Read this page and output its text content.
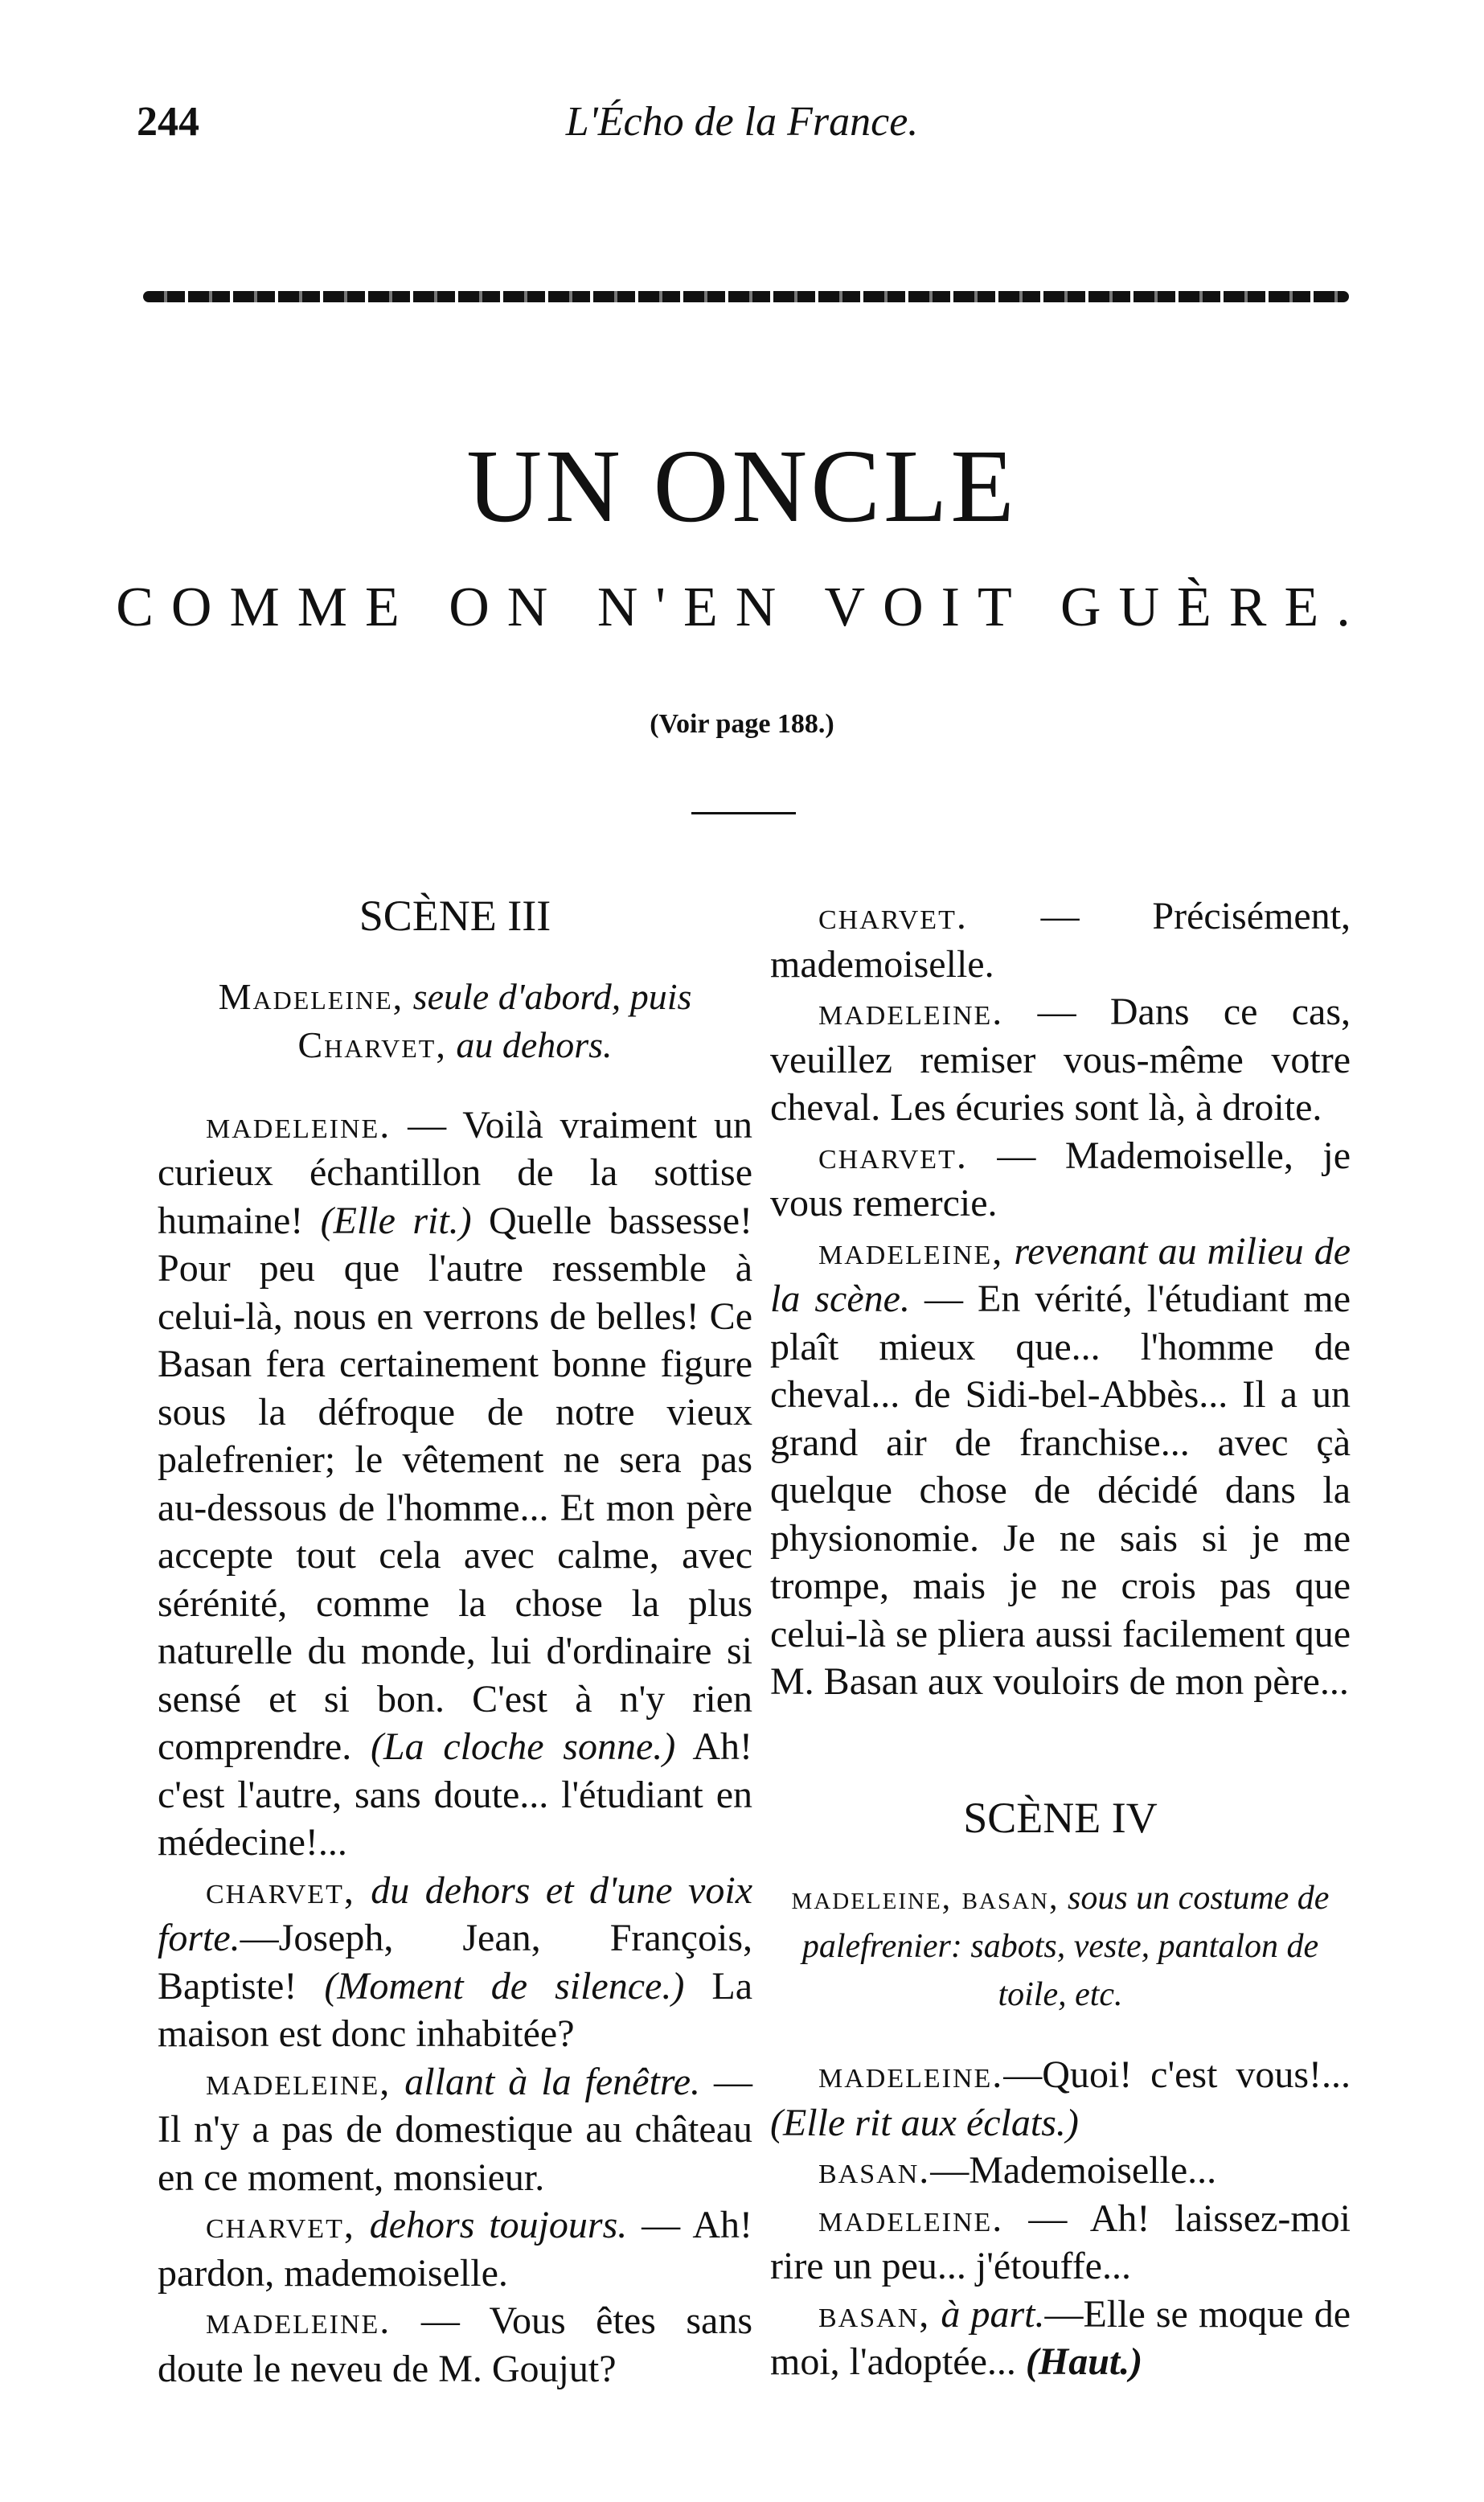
244	L'Écho de la France.
UN ONCLE
COMME ON N'EN VOIT GUÈRE.
(Voir page 188.)

SCÈNE III

Madeleine, seule d'abord, puis
Charvet, au dehors.

madeleine. — Voilà vraiment un curieux échantillon de la sottise humaine! (Elle rit.) Quelle bassesse! Pour peu que l'autre ressemble à celui-là, nous en verrons de belles! Ce Basan fera certainement bonne figure sous la défroque de notre vieux palefrenier; le vêtement ne sera pas au-dessous de l'homme... Et mon père accepte tout cela avec calme, avec sérénité, comme la chose la plus naturelle du monde, lui d'ordinaire si sensé et si bon. C'est à n'y rien comprendre. (La cloche sonne.) Ah! c'est l'autre, sans doute... l'étudiant en médecine!...

charvet, du dehors et d'une voix forte.—Joseph, Jean, François, Baptiste! (Moment de silence.) La maison est donc inhabitée?

madeleine, allant à la fenêtre. —Il n'y a pas de domestique au château en ce moment, monsieur.

charvet, dehors toujours. — Ah! pardon, mademoiselle.

madeleine. — Vous êtes sans doute le neveu de M. Goujut?

charvet. — Précisément, mademoiselle.

madeleine. — Dans ce cas, veuillez remiser vous-même votre cheval. Les écuries sont là, à droite.

charvet. — Mademoiselle, je vous remercie.

madeleine, revenant au milieu de la scène. — En vérité, l'étudiant me plaît mieux que... l'homme de cheval... de Sidi-bel-Abbès... Il a un grand air de franchise... avec çà quelque chose de décidé dans la physionomie. Je ne sais si je me trompe, mais je ne crois pas que celui-là se pliera aussi facilement que M. Basan aux vouloirs de mon père...

SCÈNE IV

madeleine, basan, sous un costume de palefrenier: sabots, veste, pantalon de toile, etc.

madeleine.—Quoi! c'est vous!... (Elle rit aux éclats.)

basan.—Mademoiselle...

madeleine. — Ah! laissez-moi rire un peu... j'étouffe...

basan, à part.—Elle se moque de moi, l'adoptée... (Haut.)
